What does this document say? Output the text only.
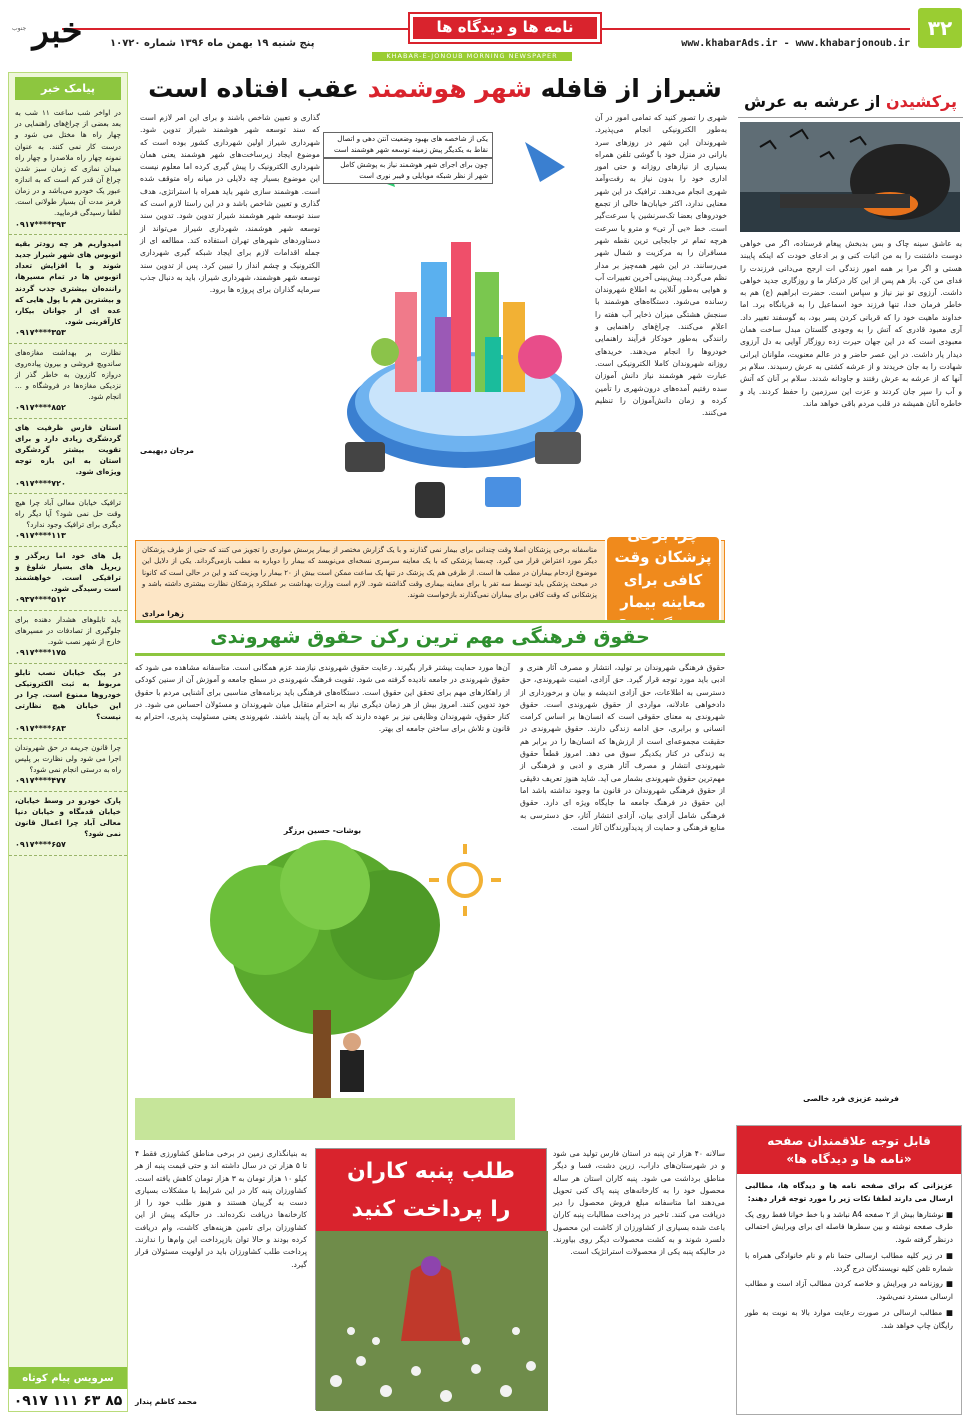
۳۲
نامه ها و دیدگاه ها
www.khabarAds.ir - www.khabarjonoub.ir
پنج شنبه ۱۹ بهمن ماه ۱۳۹۶ شماره ۱۰۷۲۰
KHABAR-E-JONOUB MORNING NEWSPAPER
خبر
جنوب
پیامک خبر
در اواخر شب ساعت ۱۱ شب به بعد بعضی از چراغ‌های راهنمایی در چهار راه ها مختل می شود و درست کار نمی کنند. به عنوان نمونه چهار راه ملاصدرا و چهار راه میدان نمازی که زمان سبز شدن چراغ آن قدر کم است که به اندازه عبور یک خودرو می‌باشد و در زمان قرمز مدت آن بسیار طولانی است. لطفا رسیدگی فرمایید.
۰۹۱۷****۳۹۳
امیدواریم هر چه زودتر بقیه اتوبوس های شهر شیراز جدید شوند و با افزایش تعداد اتوبوس ها در تمام مسیرها، راننده‌ان بیشتری جذب گردند و بیشترین هم با پول هایی که عده ای از جوانان بیکار، کارآفرینی شود.
۰۹۱۷****۳۵۳
نظارت بر بهداشت مغازه‌های ساندویچ فروشی و بیرون پیاده‌روی دروازه کازرون به خاطر گذر از نزدیکی مغازه‌ها در فروشگاه و ... انجام شود.
۰۹۱۷****۸۵۲
استان فارس ظرفیت های گردشگری زیادی دارد و برای تقویت بیشتر گردشگری استان به این بازه توجه ویژه‌ای شود.
۰۹۱۷****۷۲۰
ترافیک خیابان معالی آباد چرا هیچ وقت حل نمی شود؟ آیا دیگر راه دیگری برای ترافیک وجود ندارد؟
۰۹۱۷****۱۱۳
پل های خود اما زیرگذر و زیرپل های بسیار شلوغ و ترافیکی است. خواهشمند است رسیدگی شود.
۰۹۳۷****۵۱۲
باید تابلوهای هشدار دهنده برای جلوگیری از تصادفات در مسیرهای خارج از شهر نصب شود.
۰۹۱۷****۱۷۵
در پیک خیابان نصب تابلو مربوط به ثبت الکترونیکی خودروها ممنوع است. چرا در این خیابان هیچ نظارتی نیست؟
۰۹۱۷****۶۸۳
چرا قانون جریمه در حق شهروندان اجرا می شود ولی نظارت بر پلیس راه به درستی انجام نمی شود؟
۰۹۱۷****۴۷۷
پارک خودرو در وسط خیابان، خیابان قدمگاه و خیابان دنیا معالی آباد چرا اعمال قانون نمی شود؟
۰۹۱۷****۶۵۷
سرویس پیام کوتاه
۰۹۱۷ ۱۱۱ ۶۳ ۸۵
شیراز از قافله شهر هوشمند عقب افتاده است
شهری را تصور کنید که تمامی امور در آن به‌طور الکترونیکی انجام می‌پذیرد. شهروندان این شهر در روزهای سرد بارانی در منزل خود با گوشی تلفن همراه بسیاری از نیازهای روزانه و حتی امور اداری خود را بدون نیاز به رفت‌وآمد شهری انجام می‌دهند. ترافیک در این شهر معنایی ندارد، اکثر خیابان‌ها خالی از تجمع خودروهای بعضا تک‌سرنشین یا سرعت‌گیر است. خط «بی آر تی» و مترو با سرعت هرچه تمام تر جابجایی ترین نقطه شهر مسافران را به مرکزیت و شمال شهر می‌رسانند. در این شهر همه‌چیز بر مدار نظم می‌گردد. پیش‌بینی آخرین تغییرات آب و هوایی به‌طور آنلاین به اطلاع شهروندان رسانده می‌شود. دستگاه‌های هوشمند با سنجش هشتگی میزان ذخایر آب هفته را اعلام می‌کنند. چراغ‌های راهنمایی و رانندگی به‌طور خودکار فرآیند راهنمایی خودروها را انجام می‌دهند. خریدهای روزانه شهروندان کاملا الکترونیکی است. عبارت شهر هوشمند نیاز دانش آموزان سده رفتیم آمده‌های درون‌شهری را تأمین کرده و زمان دانش‌آموزان را تنظیم می‌کنند.
گذاری و تعیین شاخص باشند و برای این امر لازم است که سند توسعه شهر هوشمند شیراز تدوین شود. شهرداری شیراز اولین شهرداری کشور بوده است که موضوع ایجاد زیرساخت‌های شهر هوشمند یعنی همان شهرداری الکترونیک را پیش گیری کرده اما معلوم نیست این موضوع بسیار چه دلایلی در میانه راه متوقف شده است. هوشمند سازی شهر باید همراه با استراتژی، هدف گذاری و تعیین شاخص باشد و در این راستا لازم است که سند توسعه شهر هوشمند شیراز تدوین شود. تدوین سند توسعه شهر هوشمند، شهرداری شیراز می‌تواند از دستاوردهای شهرهای تهران استفاده کند. مطالعه ای از جمله اقدامات لازم برای ایجاد شبکه گیری شهرداری الکترونیک و چشم انداز را تبیین کرد. پس از تدوین سند توسعه شهر هوشمند، شهرداری شیراز، باید به دنبال جذب سرمایه گذاران برای پروژه ها برود.
مرجان دیهیمی
یکی از شاخصه های بهبود وضعیت آنتن دهی و اتصال نقاط به یکدیگر پیش زمینه توسعه شهر هوشمند است
چون برای اجرای شهر هوشمند نیاز به پوشش کامل شهر از نظر شبکه موبایلی و فیبر نوری است
پرکشیدن از عرشه به عرش
به عاشق سینه چاک و بس بدبخش پیغام فرستاده، اگر می خواهی دوست داشتنت را به من اثبات کنی و بر ادعای خودت که اینکه پایبند هستی و اگر مرا بر همه امور زندگی ات ارجح می‌دانی فرزندت را فدای من کن. باز هم پس از این کار درکنار ما و روزگاری جدید خواهی داشت. آرزوی تو نیز نیاز و سپاس است. حضرت ابراهیم (ع) هم به خاطر فرمان خدا، تنها فرزند خود اسماعیل را به قربانگاه برد. اما خداوند ماهیت خود را که قربانی کردن پسر بود، به گوسفند تغییر داد. آری معبود قادری که آتش را به وجودی گلستان مبدل ساخت همان معبودی است که در این جهان حیرت زده روزگار آوایی به دل آرزوی دیدار یار داشت. در این عصر حاضر و در عالم معنویت، ملوانان ایرانی شهادت را به جان خریدند و از عرشه کشتی به عرش رسیدند. سلام بر آنها که از عرشه به عرش رفتند و جاودانه شدند. سلام بر آنان که آتش و آب را سپر جان کردند و عزت این سرزمین را حفظ کردند. یاد و خاطره آنان همیشه در قلب مردم باقی خواهد ماند.
فرشید عزیزی فرد خالصی
متاسفانه برخی پزشکان اصلا وقت چندانی برای بیمار نمی گذارند و با یک گزارش مختصر از بیمار پرسش مواردی را تجویز می کنند که حتی از طرف پزشکان دیگر مورد اعتراض قرار می گیرد. چه‌بسا پزشکی که با یک معاینه سرسری نسخه‌ای می‌نویسد که بیمار را دوباره به مطب بازمی‌گرداند. یکی از دلایل این موضوع ازدحام بیماران در مطب ها است. از طرفی هم یک پزشک در تنها یک ساعت ممکن است بیش از ۲۰ بیمار را ویزیت کند و این در حالی است که کانونا در مبحث پزشکی باید توسط سه تفر یا برای معاینه بیماری وقت گذاشته شود. لازم است وزارت بهداشت بر عملکرد پزشکان نظارت بیشتری داشته باشد و پزشکانی که وقت کافی برای بیماران نمی‌گذارند بازخواست شوند.
زهرا مرادی
چرا برخی پزشکان وقت کافی برای معاینه بیمار نمی گذارند؟
حقوق فرهنگی مهم ترین رکن حقوق شهروندی
حقوق فرهنگی شهروندان بر تولید، انتشار و مصرف آثار هنری و ادبی باید مورد توجه قرار گیرد. حق آزادی، امنیت شهروندی، حق دسترسی به اطلاعات، حق آزادی اندیشه و بیان و برخورداری از دادخواهی عادلانه، مواردی از حقوق شهروندی است. حقوق شهروندی به معنای حقوقی است که انسان‌ها بر اساس کرامت انسانی و برابری، حق ادامه زندگی دارند. حقوق شهروندی در حقیقت مجموعه‌ای است از ارزش‌ها که انسان‌ها را در برابر هم به زندگی در کنار یکدیگر سوق می دهد. امروز قطعاً حقوق شهروندی انتشار و مصرف آثار هنری و ادبی و فرهنگی از مهم‌ترین حقوق شهروندی بشمار می آید. شاید هنوز تعریف دقیقی از حقوق فرهنگی شهروندان در قانون ما وجود نداشته باشد اما این حقوق در فرهنگ جامعه ما جایگاه ویژه ای دارد. حقوق فرهنگی شامل آزادی بیان، آزادی انتشار آثار، حق دسترسی به منابع فرهنگی و حمایت از پدیدآورندگان آثار است.
آن‌ها مورد حمایت بیشتر قرار بگیرند. رعایت حقوق شهروندی نیازمند عزم همگانی است. متاسفانه مشاهده می شود که حقوق شهروندی در جامعه نادیده گرفته می شود. تقویت فرهنگ شهروندی در سطح جامعه و آموزش آن از سنین کودکی از راهکارهای مهم برای تحقق این حقوق است. دستگاه‌های فرهنگی باید برنامه‌های مناسبی برای آشنایی مردم با حقوق خود تدوین کنند. امروز بیش از هر زمان دیگری نیاز به احترام متقابل میان شهروندان و مسئولان احساس می شود. در کنار حقوق، شهروندان وظایفی نیز بر عهده دارند که باید به آن پایبند باشند. شهروندی یعنی مسئولیت پذیری، احترام به قانون و تلاش برای ساختن جامعه ای بهتر.
بوشات- حسین برزگر
طلب پنبه کاران
را پرداخت کنید
سالانه ۴۰ هزار تن پنبه در استان فارس تولید می شود و در شهرستان‌های داراب، زرین دشت، فسا و دیگر مناطق برداشت می شود. پنبه کاران استان هر ساله محصول خود را به کارخانه‌های پنبه پاک کنی تحویل می‌دهند اما متاسفانه مبلغ فروش محصول را دیر دریافت می کنند. تاخیر در پرداخت مطالبات پنبه کاران باعث شده بسیاری از کشاورزان از کاشت این محصول دلسرد شوند و به کشت محصولات دیگر روی بیاورند. در حالیکه پنبه یکی از محصولات استراتژیک است.
به بنیانگذاری زمین در برخی مناطق کشاورزی فقط ۴ تا ۵ هزار تن در سال داشته اند و حتی قیمت پنبه از هر کیلو ۱۰ هزار تومان به ۳ هزار تومان کاهش یافته است. کشاورزان پنبه کار در این شرایط با مشکلات بسیاری دست به گریبان هستند و هنوز طلب خود را از کارخانه‌ها دریافت نکرده‌اند. در حالیکه پیش از این کشاورزان برای تامین هزینه‌های کاشت، وام دریافت کرده بودند و حالا توان بازپرداخت این وام‌ها را ندارند. پرداخت طلب کشاورزان باید در اولویت مسئولان قرار گیرد.
محمد کاظم پندار
قابل توجه علاقمندان صفحه
«نامه ها و دیدگاه ها»
عزیزانی که برای صفحه نامه ها و دیدگاه ها، مطالبی ارسال می دارند لطفا نکات زیر را مورد توجه قرار دهند:
■ نوشتارها بیش از ۲ صفحه A4 نباشد و با خط خوانا فقط روی یک طرف صفحه نوشته و بین سطرها فاصله ای برای ویرایش احتمالی درنظر گرفته شود.
■ در زیر کلیه مطالب ارسالی حتما نام و نام خانوادگی همراه با شماره تلفن کلیه نویسندگان درج گردد.
■ روزنامه در ویرایش و خلاصه کردن مطالب آزاد است و مطالب ارسالی مسترد نمی‌شود.
■ مطالب ارسالی در صورت رعایت موارد بالا به نوبت به طور رایگان چاپ خواهد شد.
